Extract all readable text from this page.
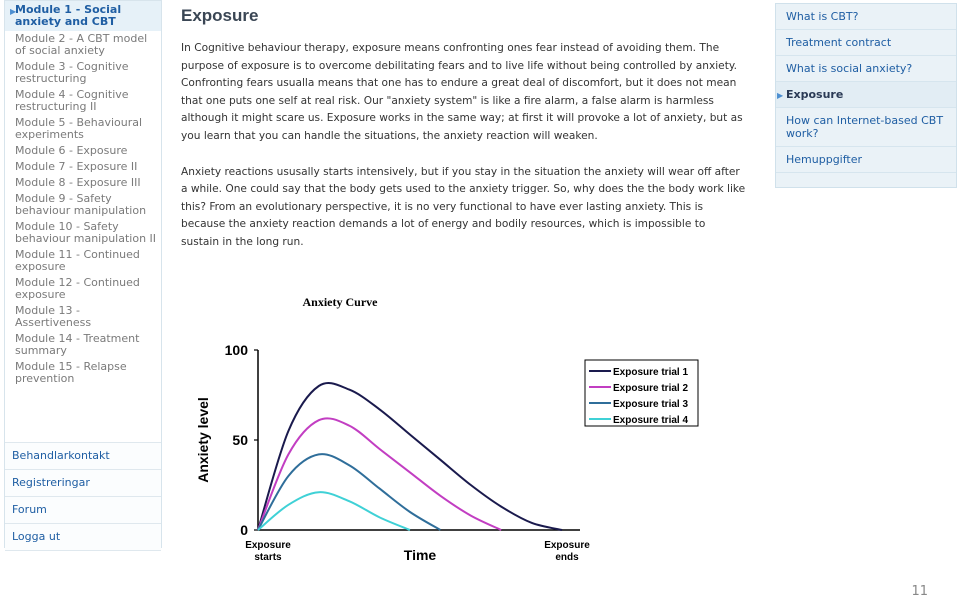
▶
Module 1 - Social anxiety and CBT
Module 2 - A CBT model of social anxiety
Module 3 - Cognitive restructuring
Module 4 - Cognitive restructuring II
Module 5 - Behavioural experiments
Module 6 - Exposure
Module 7 - Exposure II
Module 8 - Exposure III
Module 9 - Safety behaviour manipulation
Module 10 - Safety behaviour manipulation II
Module 11 - Continued exposure
Module 12 - Continued exposure
Module 13 - Assertiveness
Module 14 - Treatment summary
Module 15 - Relapse prevention
Behandlarkontakt
Registreringar
Forum
Logga ut
Exposure

In Cognitive behaviour therapy, exposure means confronting ones fear instead of avoiding them. The purpose of exposure is to overcome debilitating fears and to live life without being controlled by anxiety. Confronting fears usualla means that one has to endure a great deal of discomfort, but it does not mean that one puts one self at real risk. Our "anxiety system" is like a fire alarm, a false alarm is harmless although it might scare us. Exposure works in the same way; at first it will provoke a lot of anxiety, but as you learn that you can handle the situations, the anxiety reaction will weaken.

Anxiety reactions ususally starts intensively, but if you stay in the situation the anxiety will wear off after a while. One could say that the body gets used to the anxiety trigger. So, why does the the body work like this? From an evolutionary perspective, it is no very functional to have ever lasting anxiety. This is because the anxiety reaction demands a lot of energy and bodily resources, which is impossible to sustain in the long run.

Anxiety Curve
Anxiety level
Time
0
50
100
Exposure starts
Exposure ends
Exposure trial 1
Exposure trial 2
Exposure trial 3
Exposure trial 4
What is CBT?
Treatment contract
What is social anxiety?
▶ Exposure
How can Internet-based CBT work?
Hemuppgifter
11
